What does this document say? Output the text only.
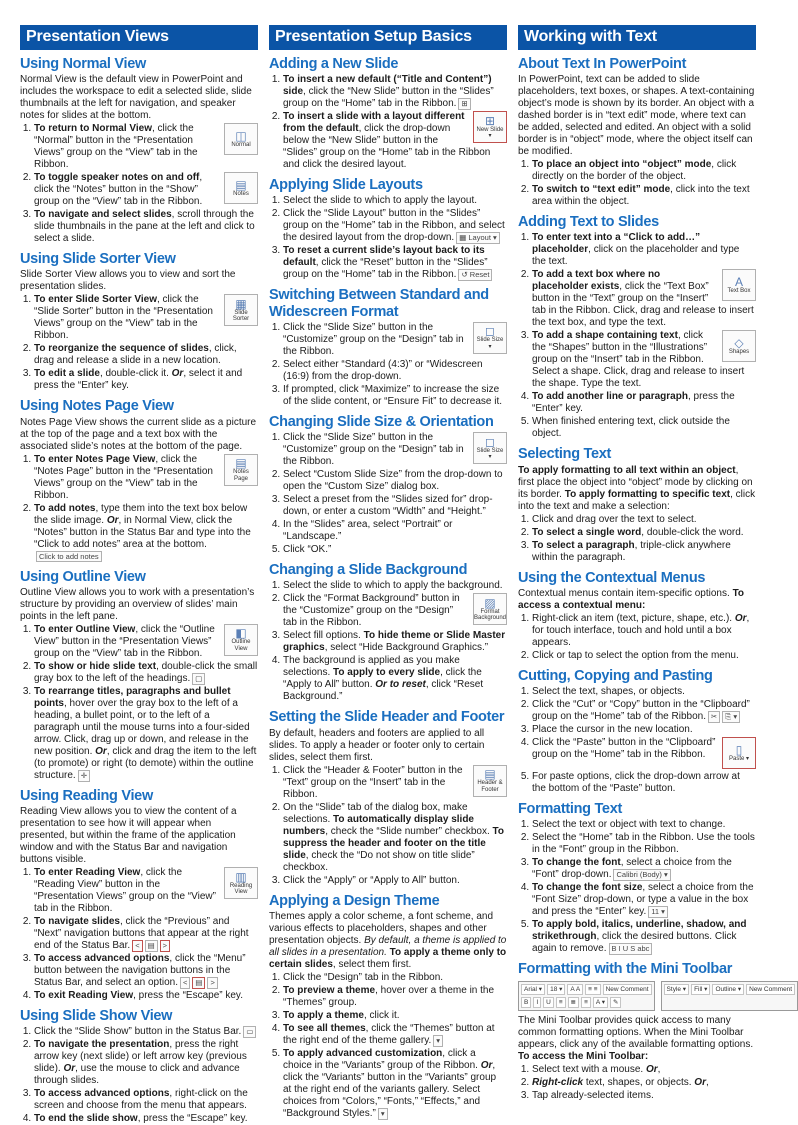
Presentation Views
Using Normal View

Normal View is the default view in PowerPoint and includes the workspace to edit a selected slide, slide thumbnails at the left for navigation, and speaker notes for slides at the bottom.

1. ◫
Normal
To return to Normal View, click the “Normal” button in the “Presentation Views” group on the “View” tab in the Ribbon.
2. ▤
Notes
To toggle speaker notes on and off, click the “Notes” button in the “Show” group on the “View” tab in the Ribbon.
3. To navigate and select slides, scroll through the slide thumbnails in the pane at the left and click to select a slide.
Using Slide Sorter View

Slide Sorter View allows you to view and sort the presentation slides.

1. ▦
Slide Sorter
To enter Slide Sorter View, click the “Slide Sorter” button in the “Presentation Views” group on the “View” tab in the Ribbon.
2. To reorganize the sequence of slides, click, drag and release a slide in a new location.
3. To edit a slide, double-click it. Or, select it and press the “Enter” key.
Using Notes Page View

Notes Page View shows the current slide as a picture at the top of the page and a text box with the associated slide’s notes at the bottom of the page.

1. ▤
Notes Page
To enter Notes Page View, click the “Notes Page” button in the “Presentation Views” group on the “View” tab in the Ribbon.
2. To add notes, type them into the text box below the slide image. Or, in Normal View, click the “Notes” button in the Status Bar and type into the “Click to add notes” area at the bottom.Click to add notes
Using Outline View

Outline View allows you to work with a presentation’s structure by providing an overview of slides’ main points in the left pane.

1. ◧
Outline View
To enter Outline View, click the “Outline View” button in the “Presentation Views” group on the “View” tab in the Ribbon.
2. To show or hide slide text, double-click the small gray box to the left of the headings. ▢
3. To rearrange titles, paragraphs and bullet points, hover over the gray box to the left of a heading, a bullet point, or to the left of a paragraph until the mouse turns into a four-sided arrow. Click, drag up or down, and release in the new position. Or, click and drag the item to the left (to promote) or right (to demote) within the outline structure. ✛
Using Reading View

Reading View allows you to view the content of a presentation to see how it will appear when presented, but within the frame of the application window and with the Status Bar and navigation buttons visible.

1. ▥
Reading View
To enter Reading View, click the “Reading View” button in the “Presentation Views” group on the “View” tab in the Ribbon.
2. To navigate slides, click the “Previous” and “Next” navigation buttons that appear at the right end of the Status Bar. < ▤ >
3. To access advanced options, click the “Menu” button between the navigation buttons in the Status Bar, and select an option. < ▤ >
4. To exit Reading View, press the “Escape” key.
Using Slide Show View
1. Click the “Slide Show” button in the Status Bar. ▭
2. To navigate the presentation, press the right arrow key (next slide) or left arrow key (previous slide). Or, use the mouse to click and advance through slides.
3. To access advanced options, right-click on the screen and choose from the menu that appears.
4. To end the slide show, press the “Escape” key.
Presentation Setup Basics
Adding a New Slide
1. To insert a new default (“Title and Content”) side, click the “New Slide” button in the “Slides” group on the “Home” tab in the Ribbon. ⊞
2. ⊞
New Slide ▾
To insert a slide with a layout different from the default, click the drop-down below the “New Slide” button in the “Slides” group on the “Home” tab in the Ribbon and click the desired layout.
Applying Slide Layouts
1. Select the slide to which to apply the layout.
2. Click the “Slide Layout” button in the “Slides” group on the “Home” tab in the Ribbon, and select the desired layout from the drop-down. ▦ Layout ▾
3. To reset a current slide’s layout back to its default, click the “Reset” button in the “Slides” group on the “Home” tab in the Ribbon. ↺ Reset
Switching Between Standard and Widescreen Format
1. ◻
Slide Size ▾
Click the “Slide Size” button in the “Customize” group on the “Design” tab in the Ribbon.
2. Select either “Standard (4:3)” or “Widescreen (16:9) from the drop-down.
3. If prompted, click “Maximize” to increase the size of the slide content, or “Ensure Fit” to decrease it.
Changing Slide Size & Orientation
1. ◻
Slide Size ▾
Click the “Slide Size” button in the “Customize” group on the “Design” tab in the Ribbon.
2. Select “Custom Slide Size” from the drop-down to open the “Custom Size” dialog box.
3. Select a preset from the “Slides sized for” drop-down, or enter a custom “Width” and “Height.”
4. In the “Slides” area, select “Portrait” or “Landscape.”
5. Click “OK.”
Changing a Slide Background
1. Select the slide to which to apply the background.
2. ▨
Format Background
Click the “Format Background” button in the “Customize” group on the “Design” tab in the Ribbon.
3. Select fill options. To hide theme or Slide Master graphics, select “Hide Background Graphics.”
4. The background is applied as you make selections. To apply to every slide, click the “Apply to All” button. Or to reset, click “Reset Background.”
Setting the Slide Header and Footer

By default, headers and footers are applied to all slides. To apply a header or footer only to certain slides, select them first.

1. ▤
Header & Footer
Click the “Header & Footer” button in the “Text” group on the “Insert” tab in the Ribbon.
2. On the “Slide” tab of the dialog box, make selections. To automatically display slide numbers, check the “Slide number” checkbox. To suppress the header and footer on the title slide, check the “Do not show on title slide” checkbox.
3. Click the “Apply” or “Apply to All” button.
Applying a Design Theme

Themes apply a color scheme, a font scheme, and various effects to placeholders, shapes and other presentation objects. By default, a theme is applied to all slides in a presentation. To apply a theme only to certain slides, select them first.

1. Click the “Design” tab in the Ribbon.
2. To preview a theme, hover over a theme in the “Themes” group.
3. To apply a theme, click it.
4. To see all themes, click the “Themes” button at the right end of the theme gallery. ▾
5. To apply advanced customization, click a choice in the “Variants” group of the Ribbon. Or, click the “Variants” button in the “Variants” group at the right end of the variants gallery. Select choices from “Colors,” “Fonts,” “Effects,” and “Background Styles.” ▾
Working with Text
About Text In PowerPoint

In PowerPoint, text can be added to slide placeholders, text boxes, or shapes. A text-containing object’s mode is shown by its border. An object with a dashed border is in “text edit” mode, where text can be added, selected and edited. An object with a solid border is in “object” mode, where the object itself can be modified.

1. To place an object into “object” mode, click directly on the border of the object.
2. To switch to “text edit” mode, click into the text area within the object.
Adding Text to Slides
1. To enter text into a “Click to add…” placeholder, click on the placeholder and type the text.
2. A
Text Box
To add a text box where no placeholder exists, click the “Text Box” button in the “Text” group on the “Insert” tab in the Ribbon. Click, drag and release to insert the text box, and type the text.
3. ◇
Shapes
To add a shape containing text, click the “Shapes” button in the “Illustrations” group on the “Insert” tab in the Ribbon. Select a shape. Click, drag and release to insert the shape. Type the text.
4. To add another line or paragraph, press the “Enter” key.
5. When finished entering text, click outside the object.
Selecting Text

To apply formatting to all text within an object, first place the object into “object” mode by clicking on its border. To apply formatting to specific text, click into the text and make a selection:

1. Click and drag over the text to select.
2. To select a single word, double-click the word.
3. To select a paragraph, triple-click anywhere within the paragraph.
Using the Contextual Menus

Contextual menus contain item-specific options. To access a contextual menu:

1. Right-click an item (text, picture, shape, etc.). Or, for touch interface, touch and hold until a box appears.
2. Click or tap to select the option from the menu.
Cutting, Copying and Pasting
1. Select the text, shapes, or objects.
2. Click the “Cut” or “Copy” button in the “Clipboard” group on the “Home” tab of the Ribbon. ✂ ⎘ ▾
3. Place the cursor in the new location.
4. ▯
Paste ▾
Click the “Paste” button in the “Clipboard” group on the “Home” tab in the Ribbon.
5. For paste options, click the drop-down arrow at the bottom of the “Paste” button.
Formatting Text
1. Select the text or object with text to change.
2. Select the “Home” tab in the Ribbon. Use the tools in the “Font” group in the Ribbon.
3. To change the font, select a choice from the “Font” drop-down. Calibri (Body) ▾
4. To change the font size, select a choice from the “Font Size” drop-down, or type a value in the box and press the “Enter” key. 11 ▾
5. To apply bold, italics, underline, shadow, and strikethrough, click the desired buttons. Click again to remove. B I U S abc
Formatting with the Mini Toolbar
Arial ▾	18 ▾	A A	≡ ≡	New Comment
B	I	U	≡	≣	≡	A ▾	✎
Style ▾	Fill ▾	Outline ▾	New Comment

The Mini Toolbar provides quick access to many common formatting options. When the Mini Toolbar appears, click any of the available formatting options. To access the Mini Toolbar:

1. Select text with a mouse. Or,
2. Right-click text, shapes, or objects. Or,
3. Tap already-selected items.
